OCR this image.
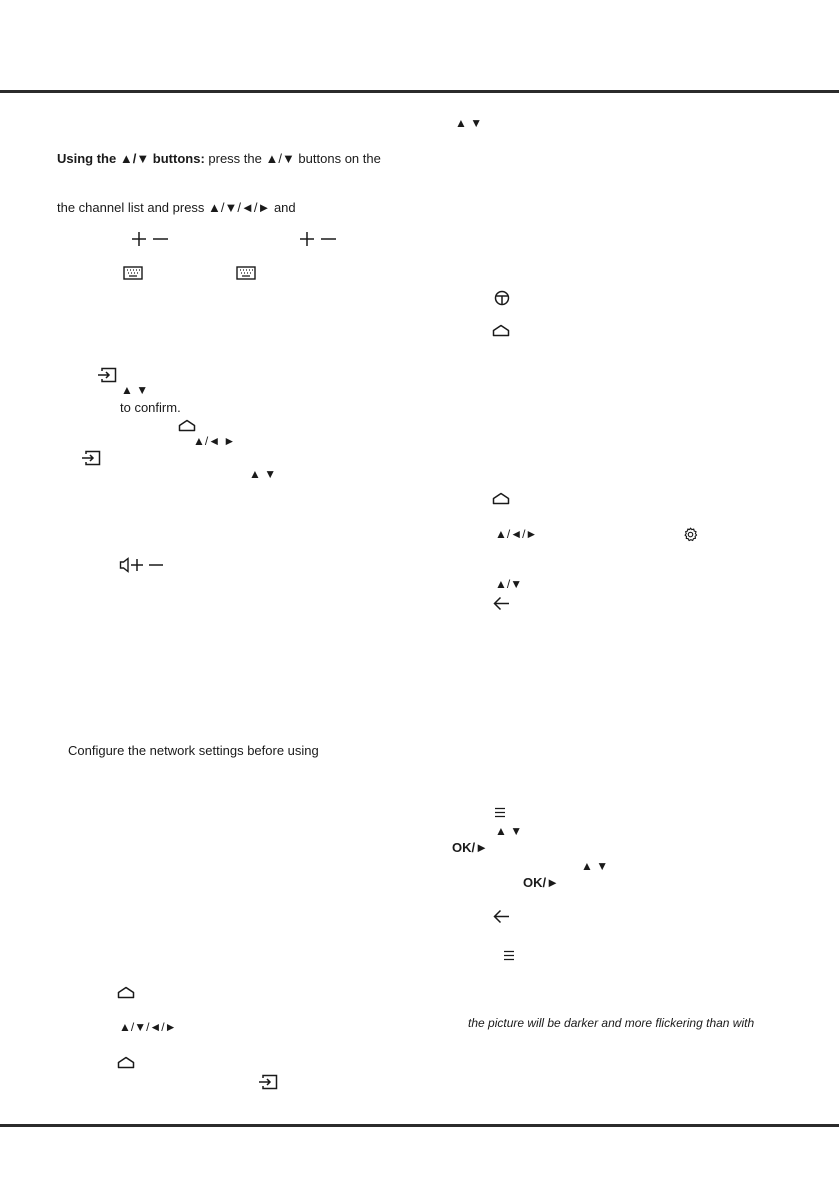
Using the ▲/▼ buttons: press the ▲/▼ buttons on the
the channel list and press ▲/▼/◄/► and
▲ ▼
to confirm.
▲/◄ ►
▲ ▼
Configure the network settings before using
▲/▼/◄/►
▲ ▼
▲/◄/►
▲/▼
▲ ▼
OK/►
▲ ▼
OK/►
the picture will be darker and more flickering than with
